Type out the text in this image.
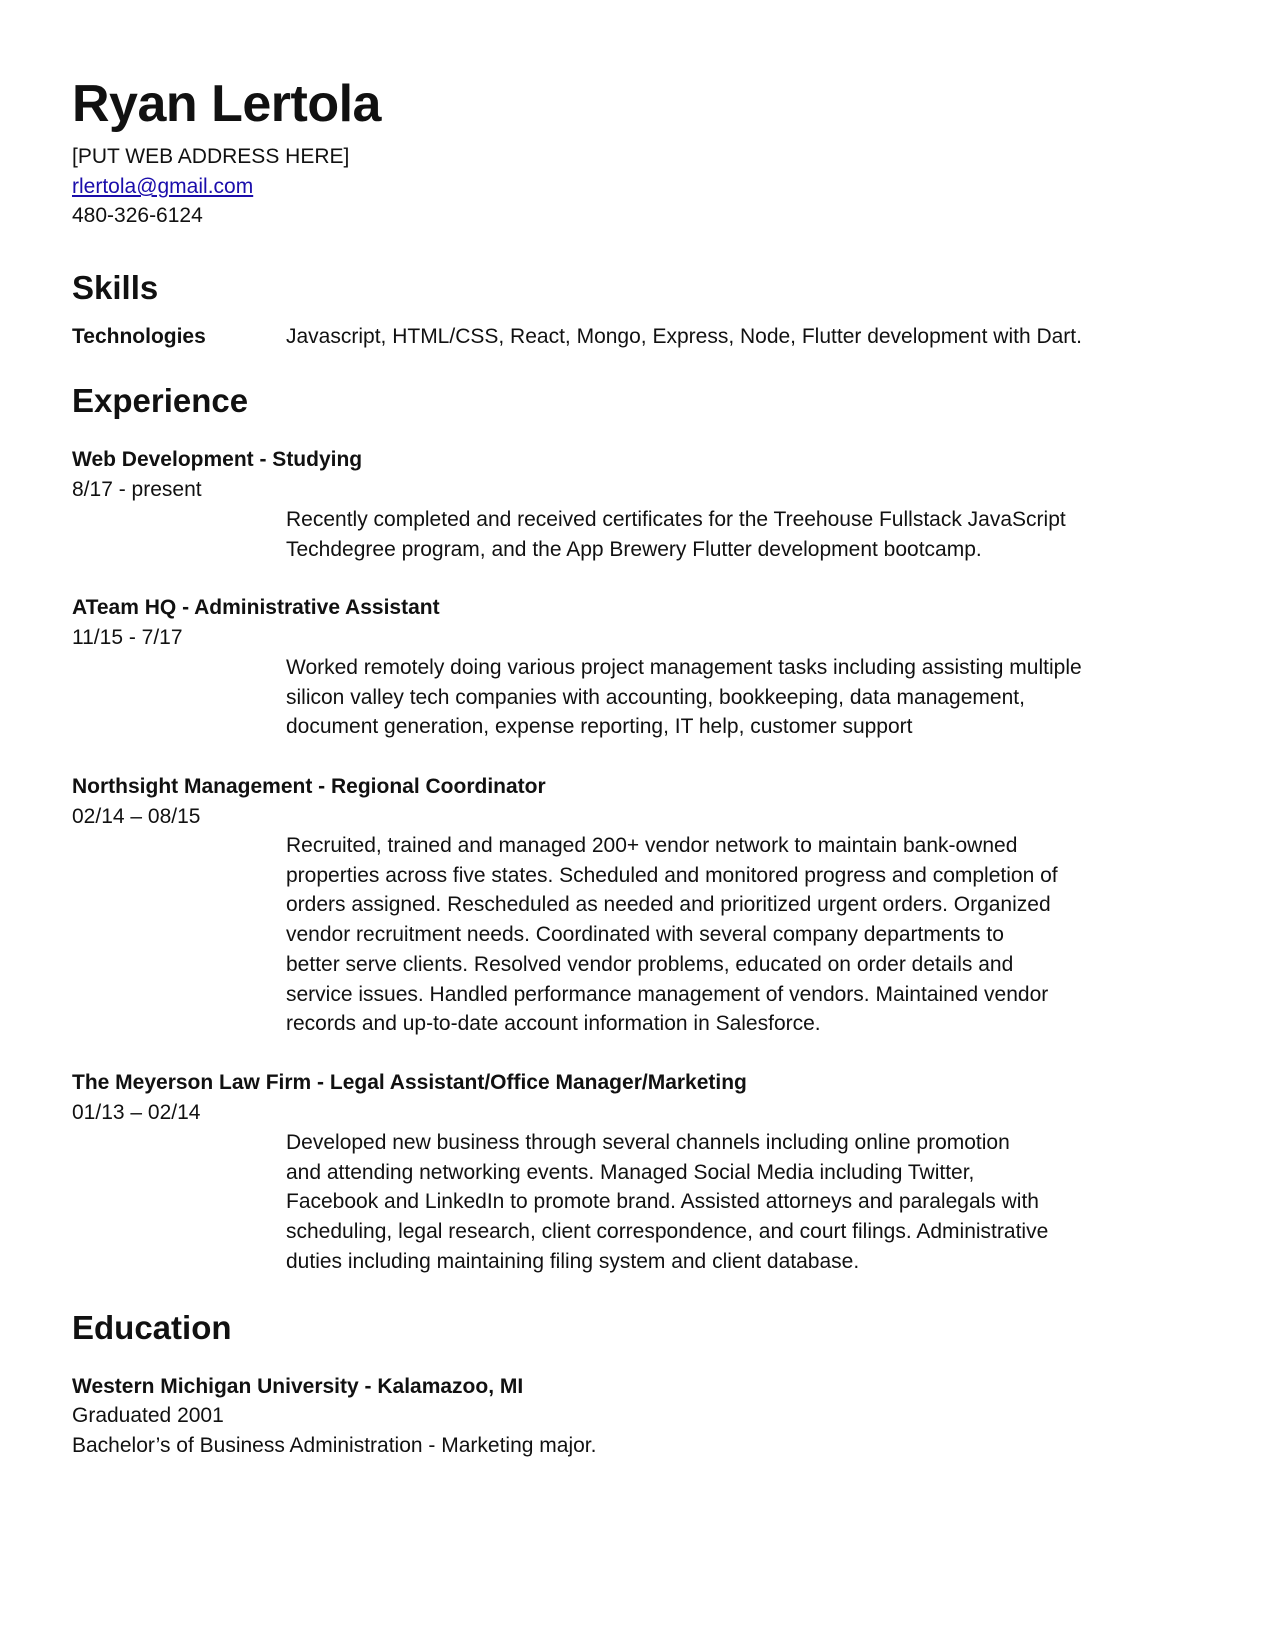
Ryan Lertola
[PUT WEB ADDRESS HERE]
rlertola@gmail.com
480-326-6124
Skills
Technologies	Javascript, HTML/CSS, React, Mongo, Express, Node, Flutter development with Dart.
Experience
Web Development - Studying
8/17 - present
Recently completed and received certificates for the Treehouse Fullstack JavaScript
Techdegree program, and the App Brewery Flutter development bootcamp.
ATeam HQ - Administrative Assistant
11/15 - 7/17
Worked remotely doing various project management tasks including assisting multiple
silicon valley tech companies with accounting, bookkeeping, data management,
document generation, expense reporting, IT help, customer support
Northsight Management - Regional Coordinator
02/14 – 08/15
Recruited, trained and managed 200+ vendor network to maintain bank-owned
properties across five states. Scheduled and monitored progress and completion of
orders assigned. Rescheduled as needed and prioritized urgent orders. Organized
vendor recruitment needs. Coordinated with several company departments to
better serve clients. Resolved vendor problems, educated on order details and
service issues. Handled performance management of vendors. Maintained vendor
records and up-to-date account information in Salesforce.
The Meyerson Law Firm - Legal Assistant/Office Manager/Marketing
01/13 – 02/14
Developed new business through several channels including online promotion
and attending networking events. Managed Social Media including Twitter,
Facebook and LinkedIn to promote brand. Assisted attorneys and paralegals with
scheduling, legal research, client correspondence, and court filings. Administrative
duties including maintaining filing system and client database.
Education
Western Michigan University - Kalamazoo, MI
Graduated 2001
Bachelor’s of Business Administration - Marketing major.
